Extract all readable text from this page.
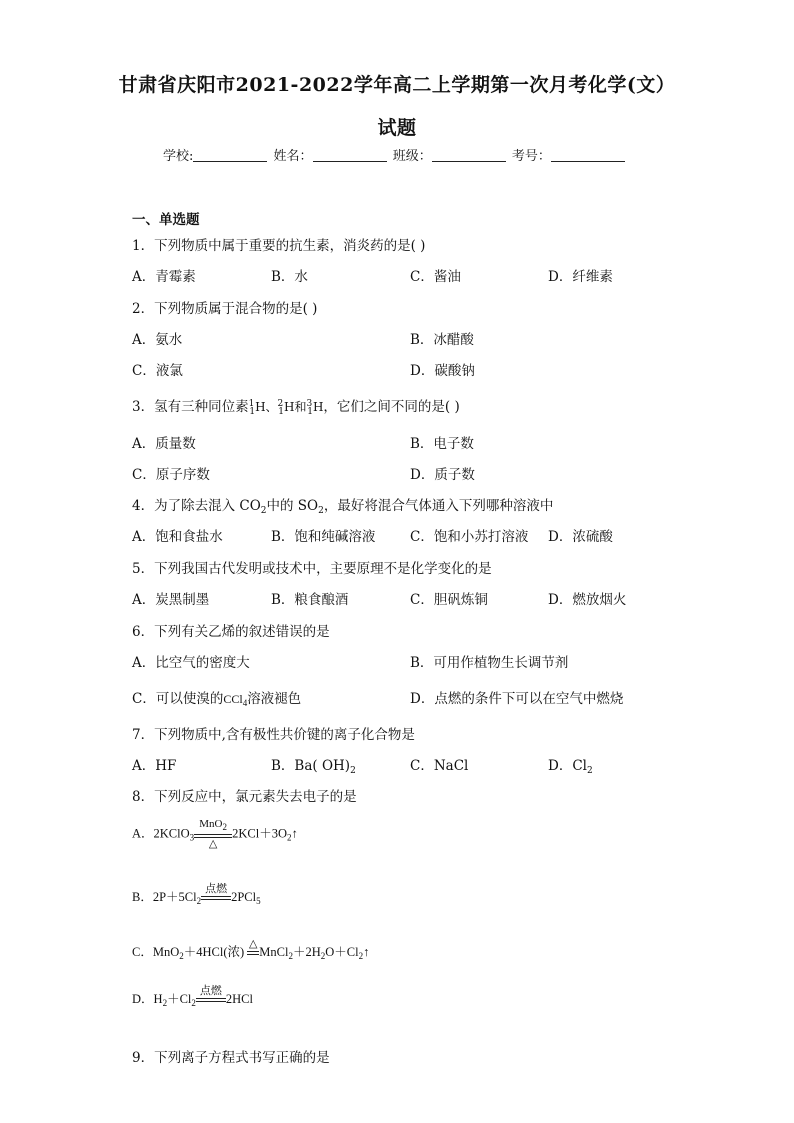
甘肃省庆阳市2021-2022学年高二上学期第一次月考化学(文）
试题
学校:	姓名：	班级：	考号：
一、单选题
1．下列物质中属于重要的抗生素，消炎药的是( )
A．青霉素	B．水	C．酱油	D．纤维素
2．下列物质属于混合物的是( )
A．氨水	B．冰醋酸
C．液氯	D．碳酸钠
3．氢有三种同位素$^1_1$H、$^2_1$H和$^3_1$H，它们之间不同的是( )
A．质量数	B．电子数
C．原子序数	D．质子数
4．为了除去混入 $CO_2$中的 $SO_2$，最好将混合气体通入下列哪种溶液中
A．饱和食盐水	B．饱和纯碱溶液	C．饱和小苏打溶液 D．浓硫酸
5．下列我国古代发明或技术中，主要原理不是化学变化的是
A．炭黑制墨	B．粮食酿酒	C．胆矾炼铜	D．燃放烟火
6．下列有关乙烯的叙述错误的是
A．比空气的密度大	B．可用作植物生长调节剂
C．可以使溴的CCl$_4$溶液褪色	D．点燃的条件下可以在空气中燃烧
7．下列物质中,含有极性共价键的离子化合物是
A．HF	B．Ba( $OH)_2$	C．NaCl	D．$Cl_2$
8．下列反应中，氯元素失去电子的是
A．2KClO$_3$
MnO$_2$
△
$2KCl+3O_2↑$
B．$2P+5Cl_2$
点燃

2PCl$_5$
C．MnO$_2$＋4HCl(浓)
△

$MnCl_2+2H_2O+Cl_2↑$
D．$H_2+Cl_2$
点燃

2HCl
9．下列离子方程式书写正确的是
